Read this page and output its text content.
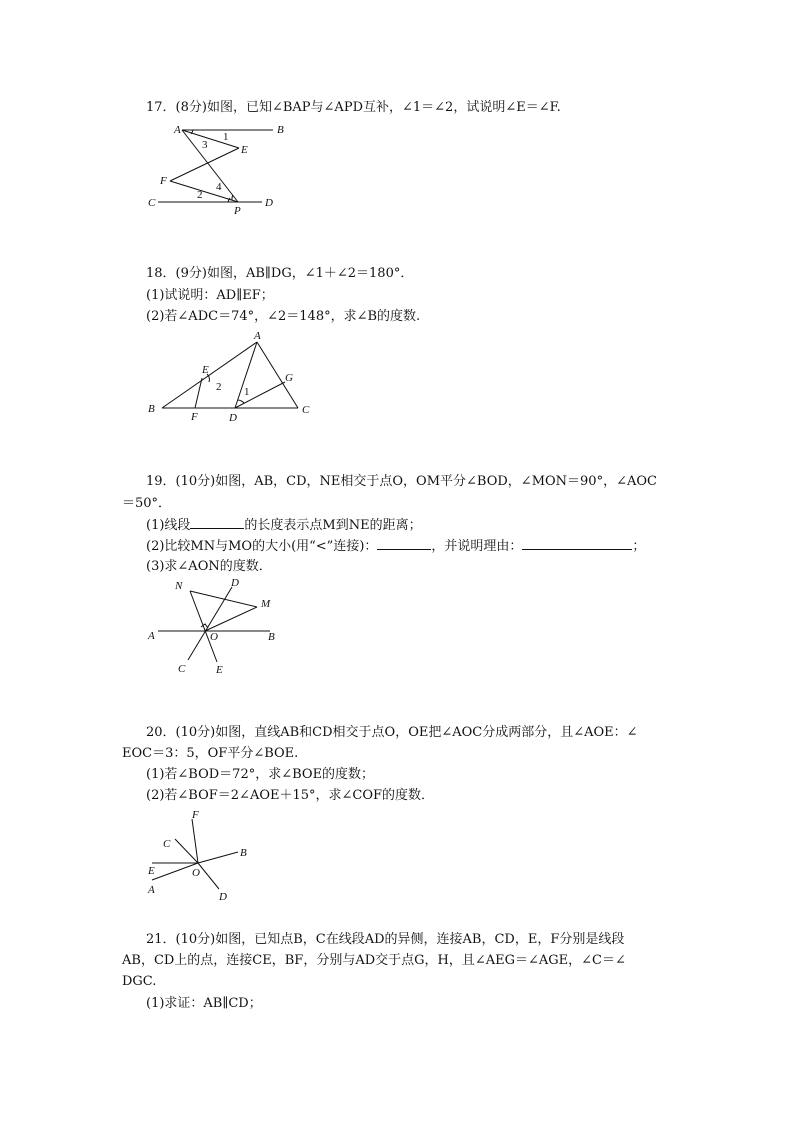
17．(8分)如图，已知∠BAP与∠APD互补，∠1＝∠2，试说明∠E＝∠F.
A	B
E
F
C
P
D
1
2
3
4
18．(9分)如图，AB∥DG，∠1＋∠2＝180°．
(1)试说明：AD∥EF；
(2)若∠ADC＝74°，∠2＝148°，求∠B的度数.
A
E
G
B
F	D
C
1
2
19．(10分)如图，AB，CD，NE相交于点O，OM平分∠BOD，∠MON＝90°，∠AOC
＝50°．
(1)线段	的长度表示点M到NE的距离；
(2)比较MN与MO的大小(用“<”连接)：	，并说明理由：	；
(3)求∠AON的度数．
N	D
M
A	O	B
C	E
20．(10分)如图，直线AB和CD相交于点O，OE把∠AOC分成两部分，且∠AOE：∠
EOC＝3：5，OF平分∠BOE.
(1)若∠BOD＝72°，求∠BOE的度数；
(2)若∠BOF＝2∠AOE＋15°，求∠COF的度数．
F
C
B
E	O
A
D
21．(10分)如图，已知点B，C在线段AD的异侧，连接AB，CD，E，F分别是线段
AB，CD上的点，连接CE，BF，分别与AD交于点G，H，且∠AEG＝∠AGE，∠C＝∠
DGC.
(1)求证：AB∥CD；
